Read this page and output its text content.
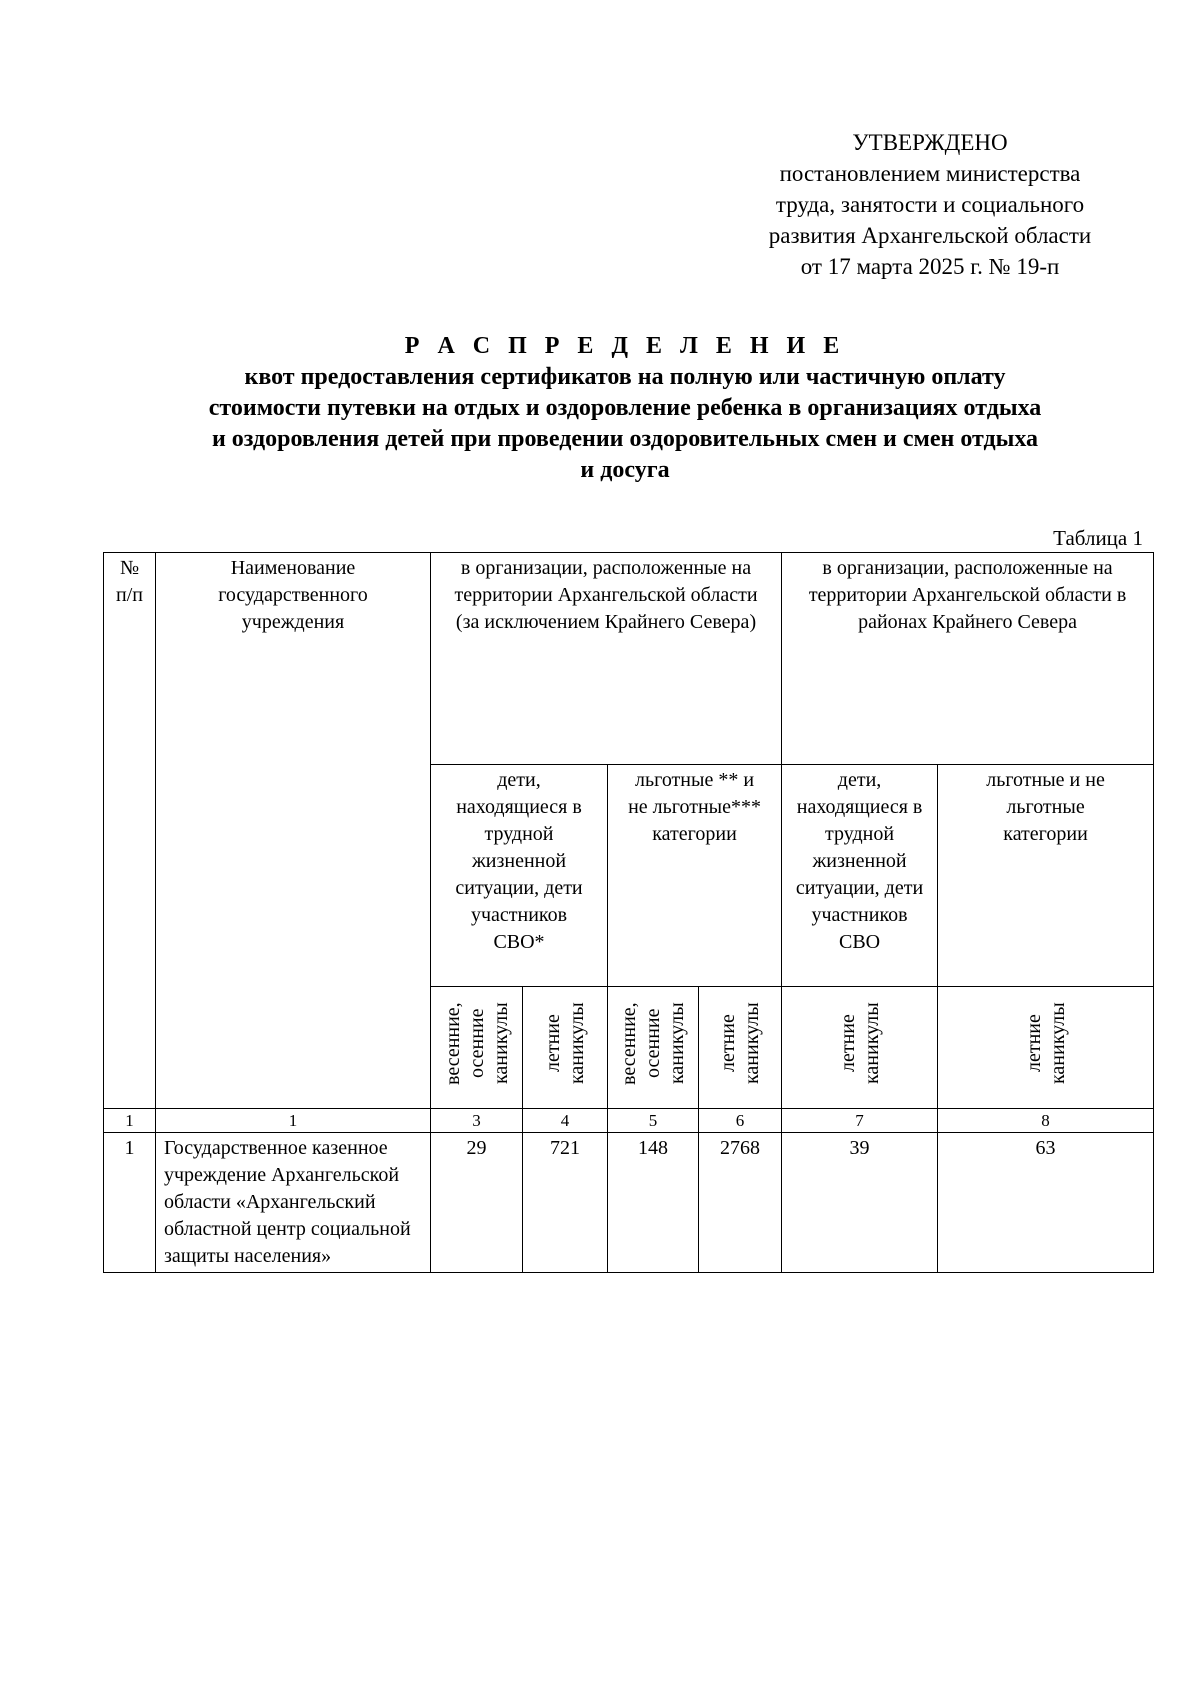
УТВЕРЖДЕНО
постановлением министерства
труда, занятости и социального
развития Архангельской области
от 17 марта 2025 г. № 19-п
Р А С П Р Е Д Е Л Е Н И Е
квот предоставления сертификатов на полную или частичную оплату
стоимости путевки на отдых и оздоровление ребенка в организациях отдыха
и оздоровления детей при проведении оздоровительных смен и смен отдыха
и досуга
Таблица 1
№ п/п	Наименование государственного учреждения	в организации, расположенные на территории Архангельской области (за исключением Крайнего Севера)				в организации, расположенные на территории Архангельской области в районах Крайнего Севера	
		дети, находящиеся в трудной жизненной ситуации, дети участников СВО*		льготные ** и не льготные*** категории		дети, находящиеся в трудной жизненной ситуации, дети участников СВО	льготные и не льготные категории
		весенние, осенние каникулы	летние каникулы	весенние, осенние каникулы	летние каникулы	летние каникулы	летние каникулы
1	1	3	4	5	6	7	8
1	Государственное казенное учреждение Архангельской области «Архангельский областной центр социальной защиты населения»	29	721	148	2768	39	63
